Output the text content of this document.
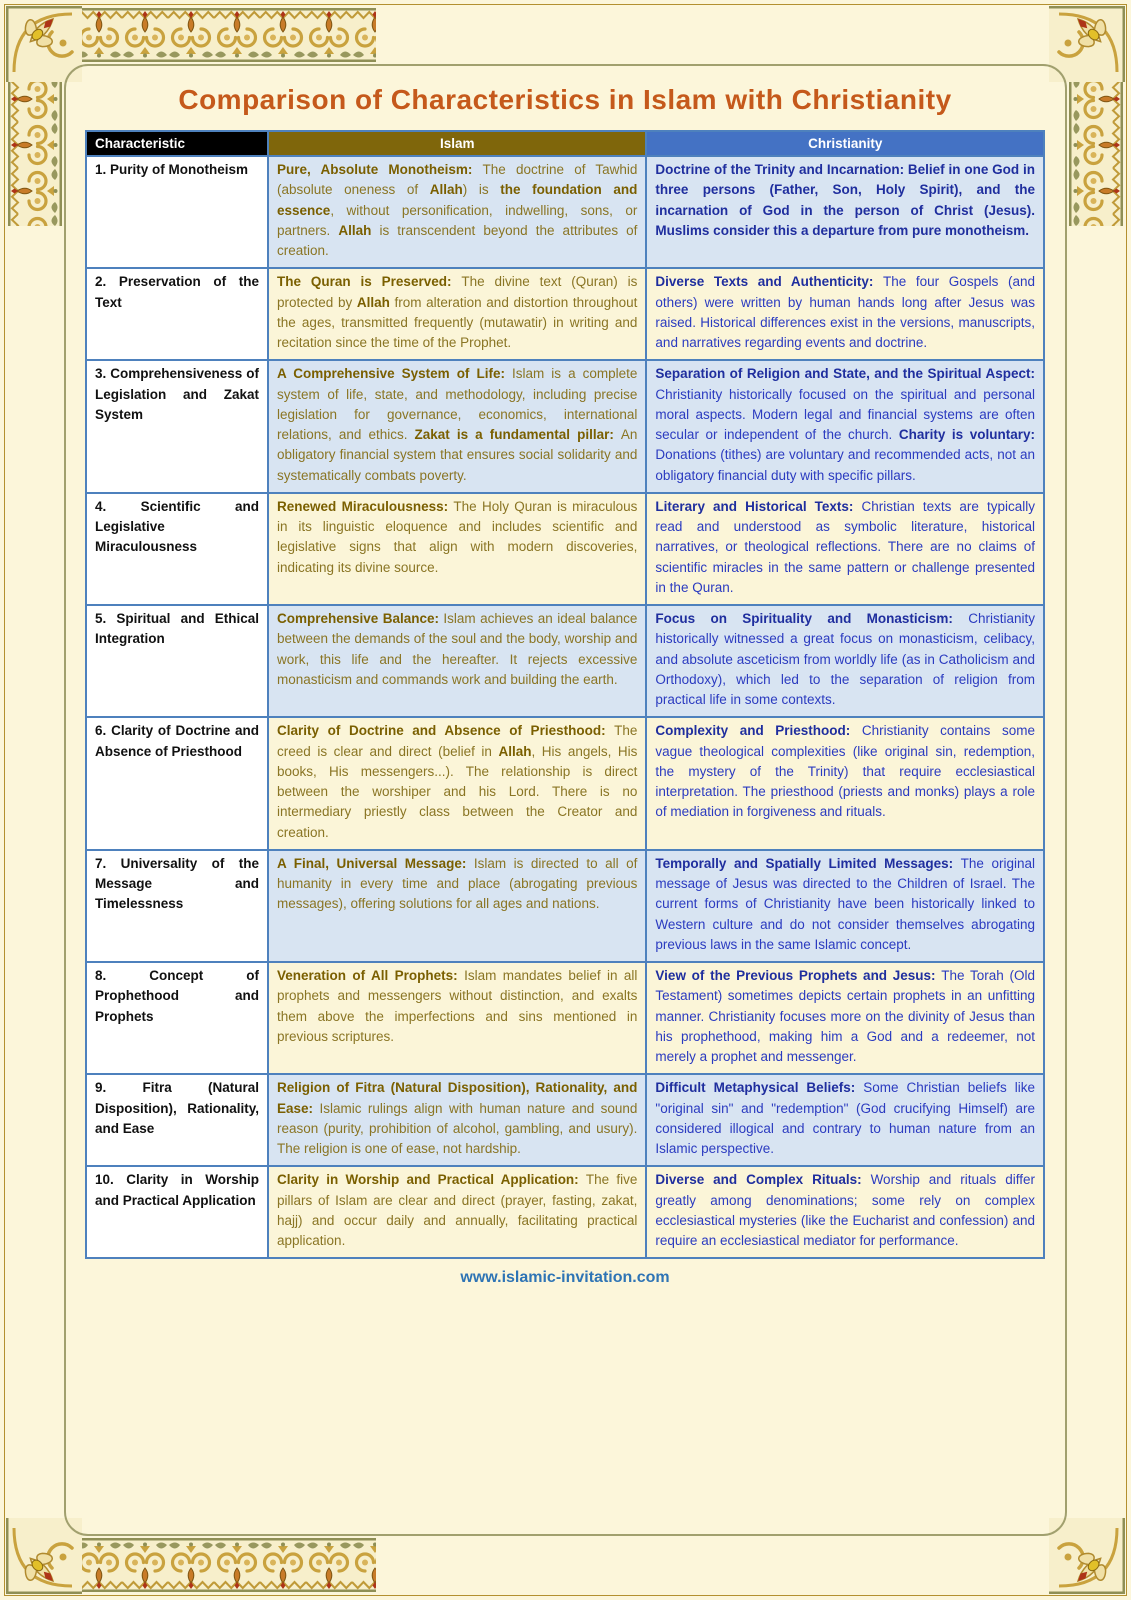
Comparison of Characteristics in Islam with Christianity
Characteristic	Islam	Christianity
1. Purity of Monotheism	Pure, Absolute Monotheism: The doctrine of Tawhid (absolute oneness of Allah) is the foundation and essence, without personification, indwelling, sons, or partners. Allah is transcendent beyond the attributes of creation.	Doctrine of the Trinity and Incarnation: Belief in one God in three persons (Father, Son, Holy Spirit), and the incarnation of God in the person of Christ (Jesus). Muslims consider this a departure from pure monotheism.
2. Preservation of the Text	The Quran is Preserved: The divine text (Quran) is protected by Allah from alteration and distortion throughout the ages, transmitted frequently (mutawatir) in writing and recitation since the time of the Prophet.	Diverse Texts and Authenticity: The four Gospels (and others) were written by human hands long after Jesus was raised. Historical differences exist in the versions, manuscripts, and narratives regarding events and doctrine.
3. Comprehensiveness of Legislation and Zakat System	A Comprehensive System of Life: Islam is a complete system of life, state, and methodology, including precise legislation for governance, economics, international relations, and ethics. Zakat is a fundamental pillar: An obligatory financial system that ensures social solidarity and systematically combats poverty.	Separation of Religion and State, and the Spiritual Aspect: Christianity historically focused on the spiritual and personal moral aspects. Modern legal and financial systems are often secular or independent of the church. Charity is voluntary: Donations (tithes) are voluntary and recommended acts, not an obligatory financial duty with specific pillars.
4. Scientific and Legislative Miraculousness	Renewed Miraculousness: The Holy Quran is miraculous in its linguistic eloquence and includes scientific and legislative signs that align with modern discoveries, indicating its divine source.	Literary and Historical Texts: Christian texts are typically read and understood as symbolic literature, historical narratives, or theological reflections. There are no claims of scientific miracles in the same pattern or challenge presented in the Quran.
5. Spiritual and Ethical Integration	Comprehensive Balance: Islam achieves an ideal balance between the demands of the soul and the body, worship and work, this life and the hereafter. It rejects excessive monasticism and commands work and building the earth.	Focus on Spirituality and Monasticism: Christianity historically witnessed a great focus on monasticism, celibacy, and absolute asceticism from worldly life (as in Catholicism and Orthodoxy), which led to the separation of religion from practical life in some contexts.
6. Clarity of Doctrine and Absence of Priesthood	Clarity of Doctrine and Absence of Priesthood: The creed is clear and direct (belief in Allah, His angels, His books, His messengers...). The relationship is direct between the worshiper and his Lord. There is no intermediary priestly class between the Creator and creation.	Complexity and Priesthood: Christianity contains some vague theological complexities (like original sin, redemption, the mystery of the Trinity) that require ecclesiastical interpretation. The priesthood (priests and monks) plays a role of mediation in forgiveness and rituals.
7. Universality of the Message and Timelessness	A Final, Universal Message: Islam is directed to all of humanity in every time and place (abrogating previous messages), offering solutions for all ages and nations.	Temporally and Spatially Limited Messages: The original message of Jesus was directed to the Children of Israel. The current forms of Christianity have been historically linked to Western culture and do not consider themselves abrogating previous laws in the same Islamic concept.
8. Concept of Prophethood and Prophets	Veneration of All Prophets: Islam mandates belief in all prophets and messengers without distinction, and exalts them above the imperfections and sins mentioned in previous scriptures.	View of the Previous Prophets and Jesus: The Torah (Old Testament) sometimes depicts certain prophets in an unfitting manner. Christianity focuses more on the divinity of Jesus than his prophethood, making him a God and a redeemer, not merely a prophet and messenger.
9. Fitra (Natural Disposition), Rationality, and Ease	Religion of Fitra (Natural Disposition), Rationality, and Ease: Islamic rulings align with human nature and sound reason (purity, prohibition of alcohol, gambling, and usury). The religion is one of ease, not hardship.	Difficult Metaphysical Beliefs: Some Christian beliefs like "original sin" and "redemption" (God crucifying Himself) are considered illogical and contrary to human nature from an Islamic perspective.
10. Clarity in Worship and Practical Application	Clarity in Worship and Practical Application: The five pillars of Islam are clear and direct (prayer, fasting, zakat, hajj) and occur daily and annually, facilitating practical application.	Diverse and Complex Rituals: Worship and rituals differ greatly among denominations; some rely on complex ecclesiastical mysteries (like the Eucharist and confession) and require an ecclesiastical mediator for performance.
www.islamic-invitation.com
